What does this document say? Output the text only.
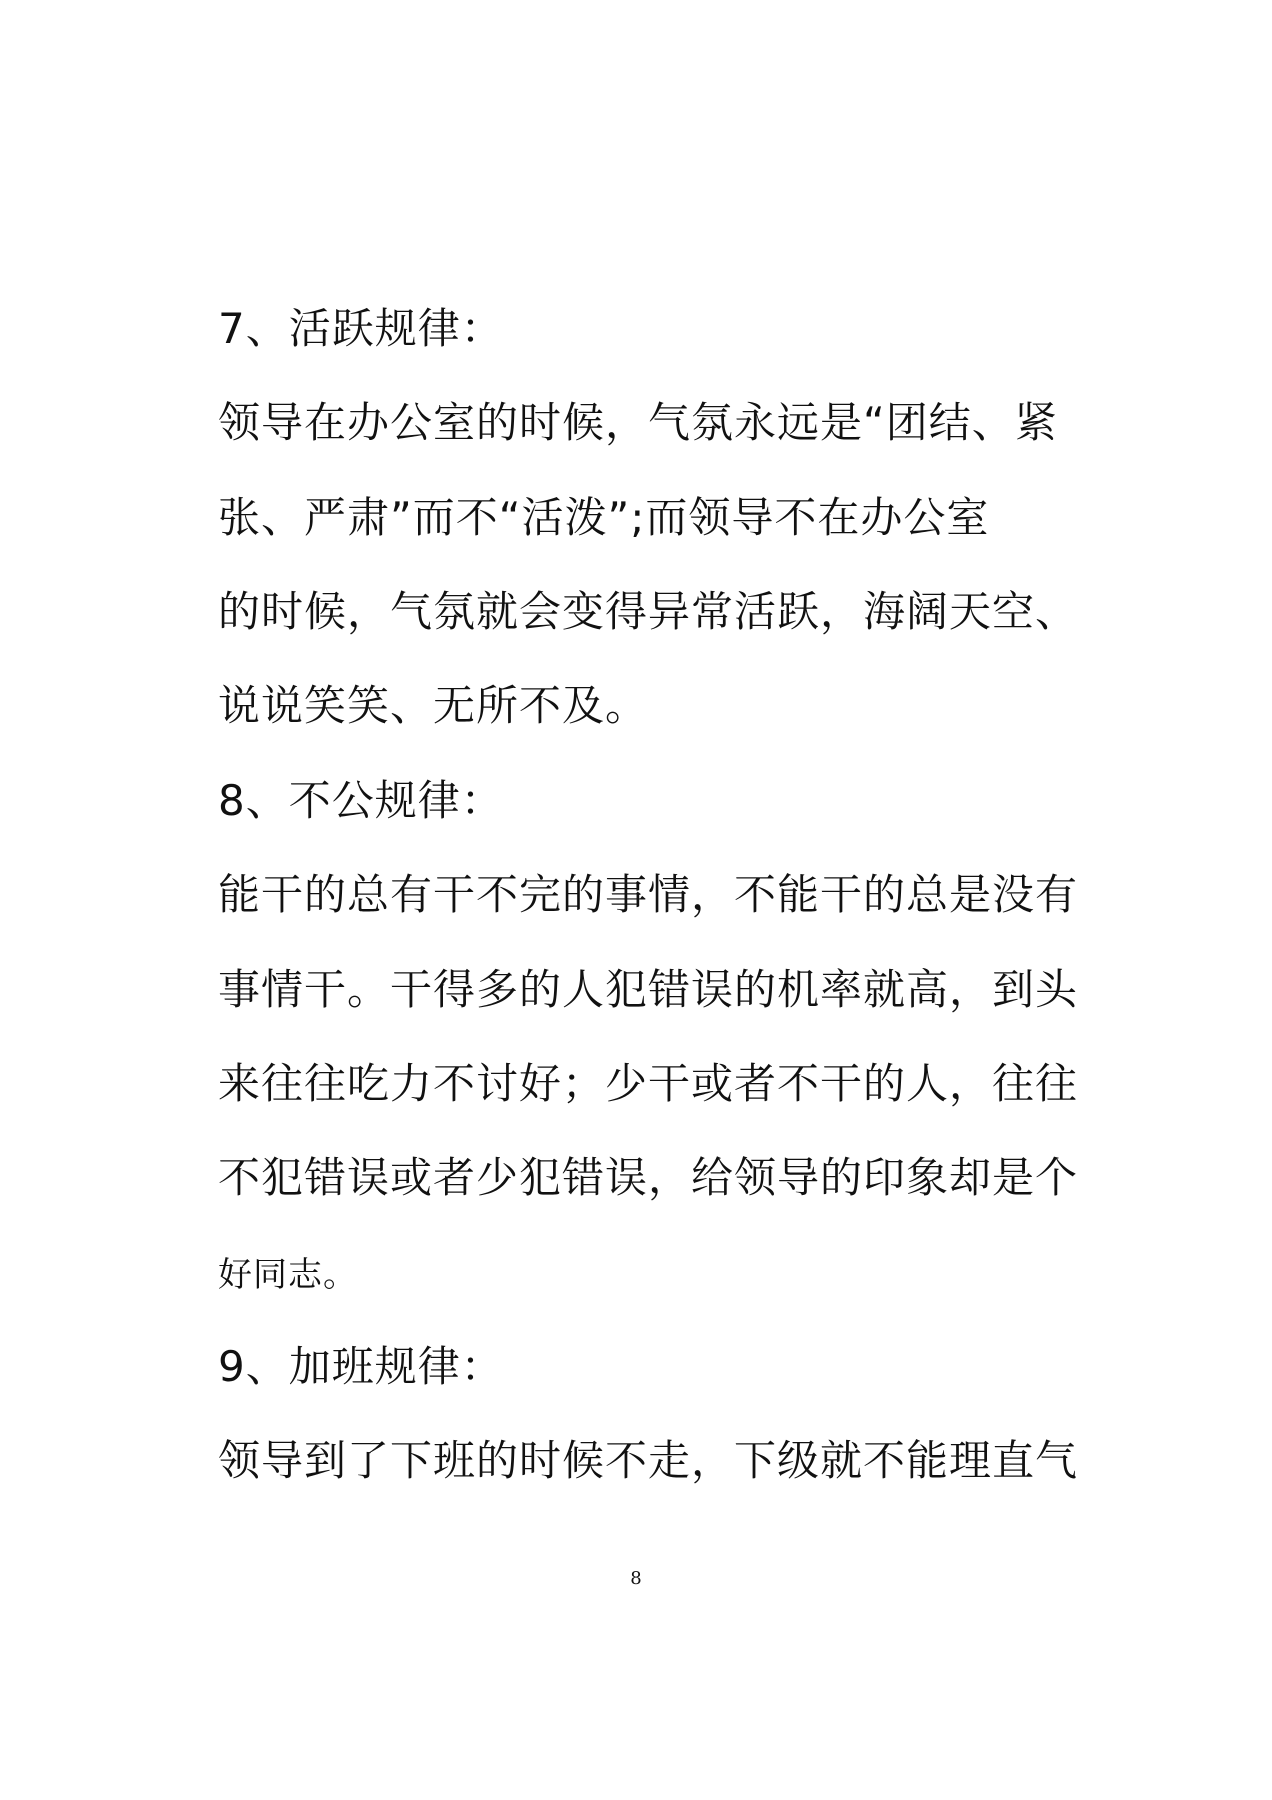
7、活跃规律：
领导在办公室的时候，气氛永远是“团结、紧
张、严肃”而不“活泼”;而领导不在办公室
的时候，气氛就会变得异常活跃，海阔天空、
说说笑笑、无所不及。
8、不公规律：
能干的总有干不完的事情，不能干的总是没有
事情干。干得多的人犯错误的机率就高，到头
来往往吃力不讨好；少干或者不干的人，往往
不犯错误或者少犯错误，给领导的印象却是个
好同志。
9、加班规律：
领导到了下班的时候不走，下级就不能理直气
8
